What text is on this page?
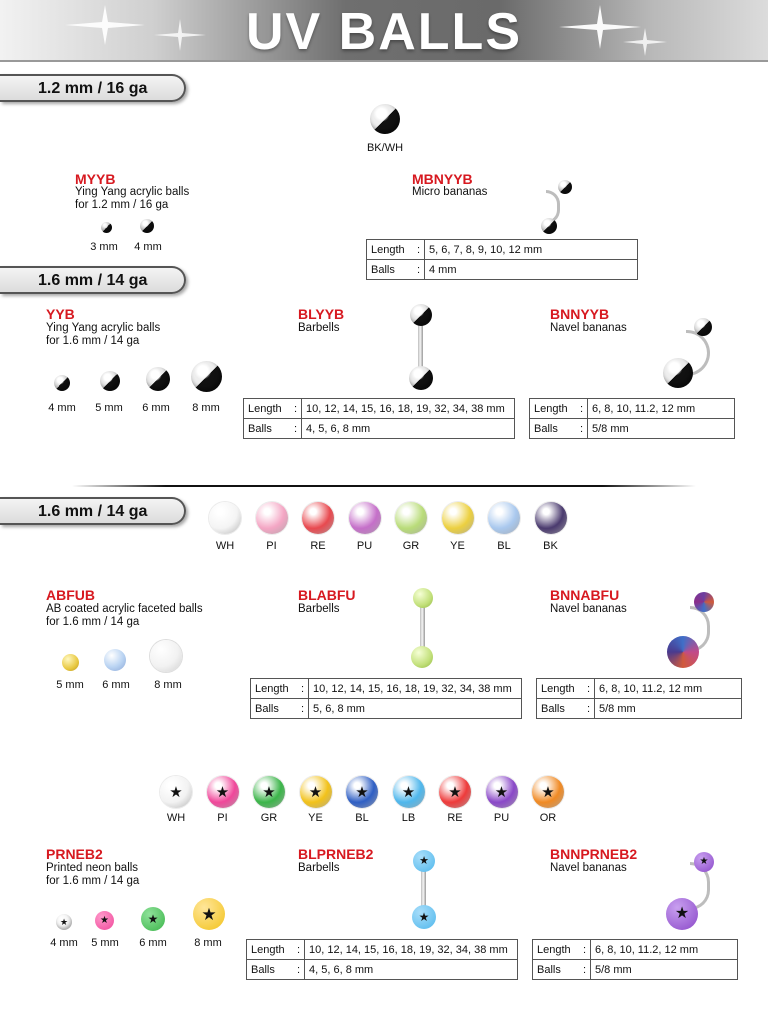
UV BALLS
1.2 mm / 16 ga
BK/WH
MYYB
Ying Yang acrylic balls
for 1.2 mm / 16 ga
3 mm	4 mm
MBNYYB
Micro bananas
Length :	5, 6, 7, 8, 9, 10, 12 mm
Balls :	4 mm
1.6 mm / 14 ga
YYB
Ying Yang acrylic balls
for 1.6 mm / 14 ga
4 mm	5 mm	6 mm	8 mm
BLYYB
Barbells
Length :	10, 12, 14, 15, 16, 18, 19, 32, 34, 38 mm
Balls :	4, 5, 6, 8 mm
BNNYYB
Navel bananas
Length :	6, 8, 10, 11.2, 12 mm
Balls :	5/8 mm
1.6 mm / 14 ga
WH	PI	RE	PU	GR	YE	BL	BK
ABFUB
AB coated acrylic faceted balls
for 1.6 mm / 14 ga
5 mm	6 mm	8 mm
BLABFU
Barbells
Length :	10, 12, 14, 15, 16, 18, 19, 32, 34, 38 mm
Balls :	5, 6, 8 mm
BNNABFU
Navel bananas
Length :	6, 8, 10, 11.2, 12 mm
Balls :	5/8 mm
★
WH
★
PI
★
GR
★
YE
★
BL
★
LB
★
RE
★
PU
★
OR
PRNEB2
Printed neon balls
for 1.6 mm / 14 ga
★	★	★	★
4 mm	5 mm	6 mm	8 mm
BLPRNEB2
Barbells
★
★
Length :	10, 12, 14, 15, 16, 18, 19, 32, 34, 38 mm
Balls :	4, 5, 6, 8 mm
BNNPRNEB2
Navel bananas
★
★
Length :	6, 8, 10, 11.2, 12 mm
Balls :	5/8 mm
